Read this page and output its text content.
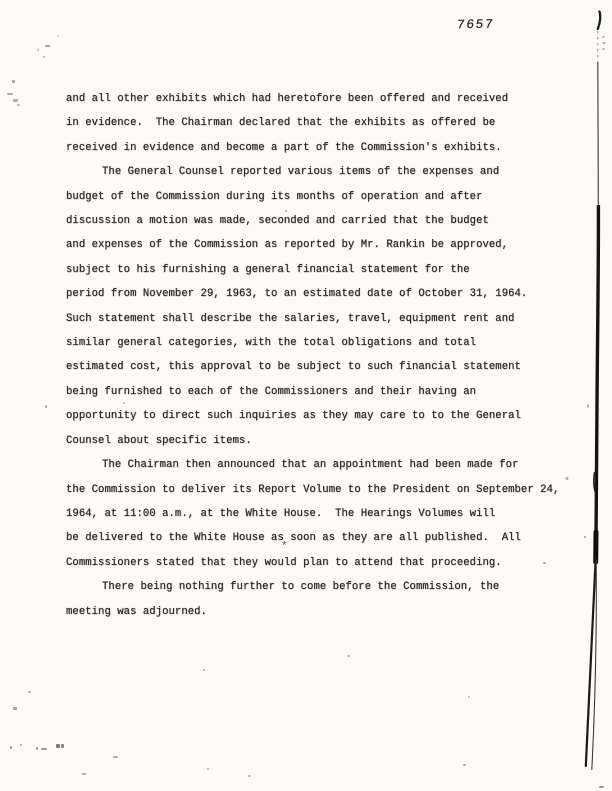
7657
and all other exhibits which had heretofore been offered and received
in evidence.  The Chairman declared that the exhibits as offered be
received in evidence and become a part of the Commission's exhibits.
The General Counsel reported various items of the expenses and
budget of the Commission during its months of operation and after
discussion a motion was made, seconded and carried that the budget
and expenses of the Commission as reported by Mr. Rankin be approved,
subject to his furnishing a general financial statement for the
period from November 29, 1963, to an estimated date of October 31, 1964.
Such statement shall describe the salaries, travel, equipment rent and
similar general categories, with the total obligations and total
estimated cost, this approval to be subject to such financial statement
being furnished to each of the Commissioners and their having an
opportunity to direct such inquiries as they may care to to the General
Counsel about specific items.
The Chairman then announced that an appointment had been made for
the Commission to deliver its Report Volume to the President on September 24,
1964, at 11:00 a.m., at the White House.  The Hearings Volumes will
be delivered to the White House as soon as they are all published.  All
Commissioners stated that they would plan to attend that proceeding.
There being nothing further to come before the Commission, the
meeting was adjourned.
*
*
'
`
,
